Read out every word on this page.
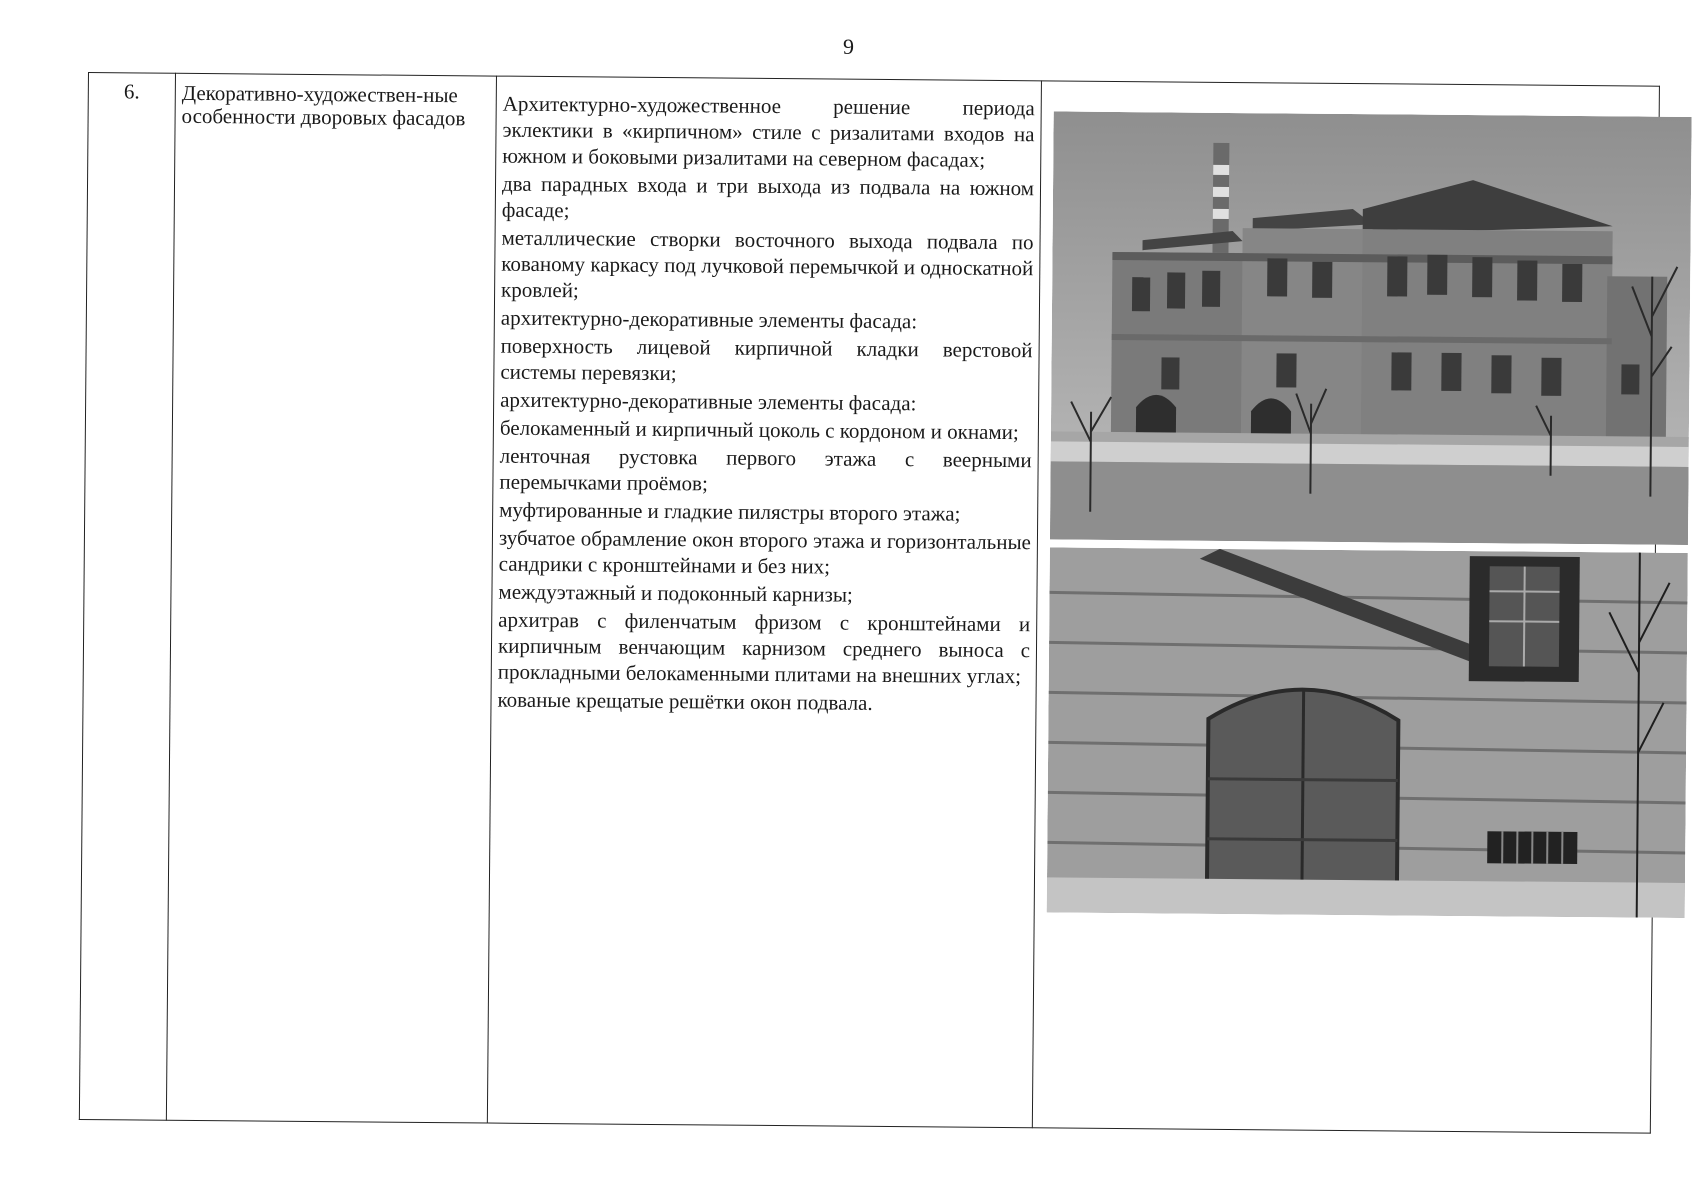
9
6.	Декоративно-художествен-ные особенности дворовых фасадов	Архитектурно-художественное решение периода эклектики в «кирпичном» стиле с ризалитами входов на южном и боковыми ризалитами на северном фасадах;

два парадных входа и три выхода из подвала на южном фасаде;

металлические створки восточного выхода подвала по кованому каркасу под лучковой перемычкой и односкатной кровлей;

архитектурно-декоративные элементы фасада:

поверхность лицевой кирпичной кладки верстовой системы перевязки;

архитектурно-декоративные элементы фасада:

белокаменный и кирпичный цоколь с кордоном и окнами;

ленточная рустовка первого этажа с веерными перемычками проёмов;

муфтированные и гладкие пилястры второго этажа;

зубчатое обрамление окон второго этажа и горизонтальные сандрики с кронштейнами и без них;

междуэтажный и подоконный карнизы;

архитрав с филенчатым фризом с кронштейнами и кирпичным венчающим карнизом среднего выноса с прокладными белокаменными плитами на внешних углах;

кованые крещатые решётки окон подвала.
